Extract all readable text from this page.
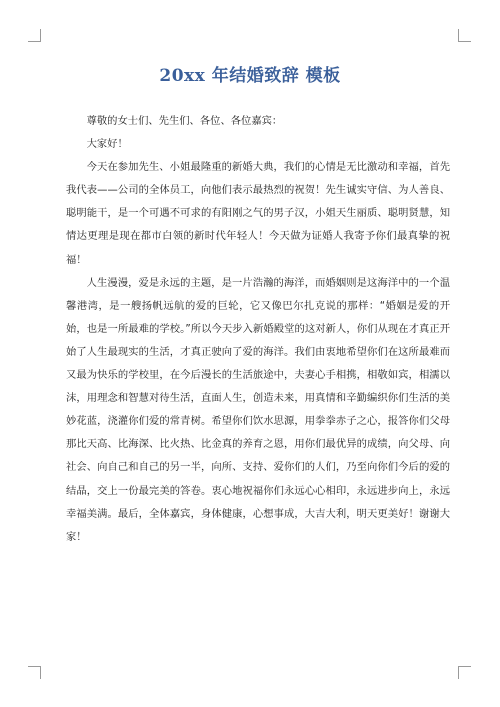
20xx 年结婚致辞 模板

尊敬的女士们、先生们、各位、各位嘉宾：

大家好！

今天在参加先生、小姐最隆重的新婚大典，我们的心情是无比激动和幸福，首先我代表——公司的全体员工，向他们表示最热烈的祝贺！先生诚实守信、为人善良、聪明能干，是一个可遇不可求的有阳刚之气的男子汉，小姐天生丽质、聪明贤慧，知情达更理是现在都市白领的新时代年轻人！今天做为证婚人我寄予你们最真挚的祝福！

人生漫漫，爱是永远的主题，是一片浩瀚的海洋，而婚姻则是这海洋中的一个温馨港湾，是一艘扬帆远航的爱的巨轮，它又像巴尔扎克说的那样：“婚姻是爱的开始，也是一所最难的学校。”所以今天步入新婚殿堂的这对新人，你们从现在才真正开始了人生最现实的生活，才真正驶向了爱的海洋。我们由衷地希望你们在这所最难而又最为快乐的学校里，在今后漫长的生活旅途中，夫妻心手相携，相敬如宾，相濡以沫，用理念和智慧对待生活，直面人生，创造未来，用真情和辛勤编织你们生活的美妙花蓝，浇灌你们爱的常青树。希望你们饮水思源，用拳拳赤子之心，报答你们父母那比天高、比海深、比火热、比金真的养育之恩，用你们最优异的成绩，向父母、向社会、向自己和自己的另一半，向所、支持、爱你们的人们，乃至向你们今后的爱的结晶，交上一份最完美的答卷。衷心地祝福你们永远心心相印，永远进步向上，永远幸福美满。最后，全体嘉宾，身体健康，心想事成，大吉大利，明天更美好！谢谢大家！
